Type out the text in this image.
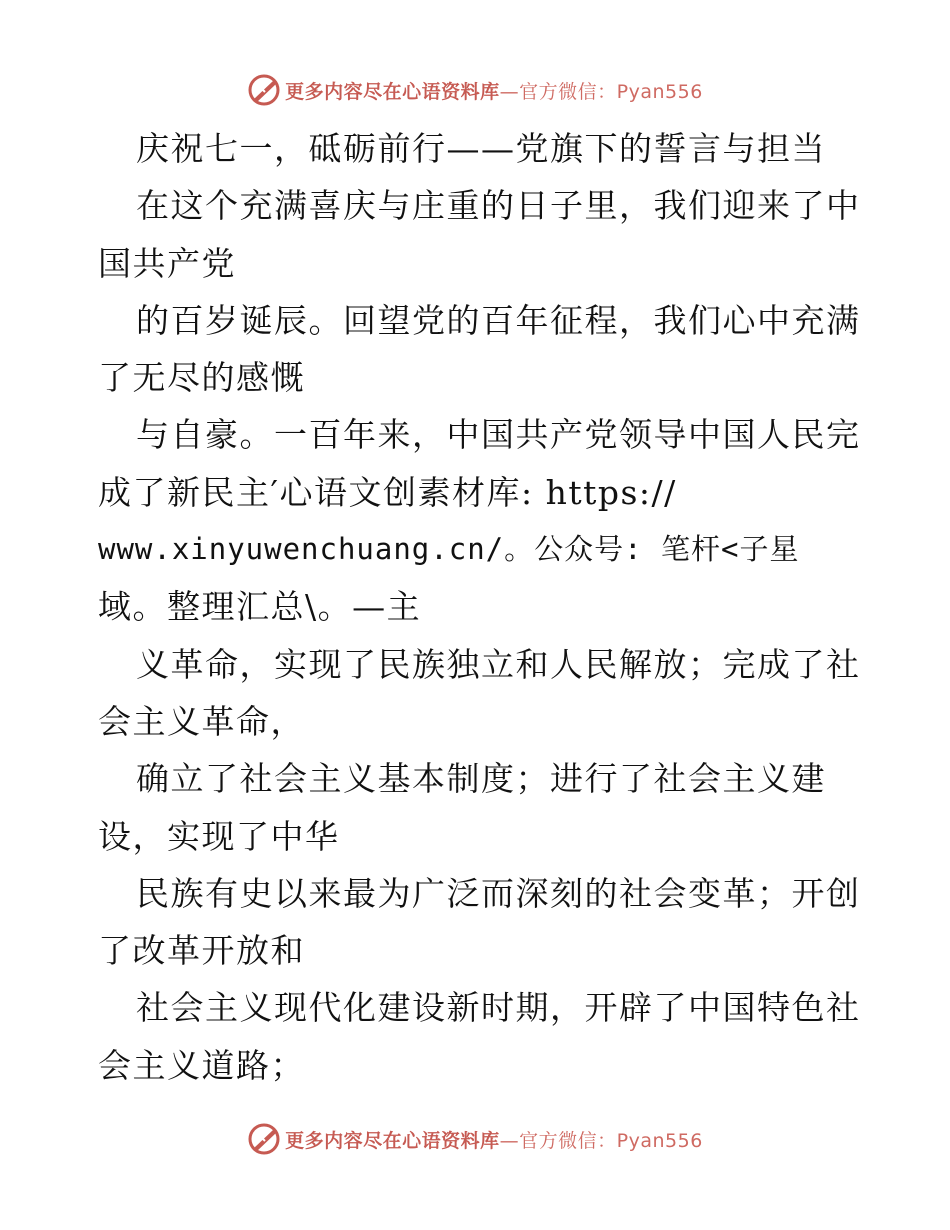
更多内容尽在心语资料库—官方微信：Pyan556
庆祝七一，砥砺前行——党旗下的誓言与担当
在这个充满喜庆与庄重的日子里，我们迎来了中
国共产党
的百岁诞辰。回望党的百年征程，我们心中充满
了无尽的感慨
与自豪。一百年来，中国共产党领导中国人民完
成了新民主′心语文创素材库: https://
www.xinyuwenchuang.cn/。公众号: 笔杆<子星
域。整理汇总\。—主
义革命，实现了民族独立和人民解放；完成了社
会主义革命，
确立了社会主义基本制度；进行了社会主义建
设，实现了中华
民族有史以来最为广泛而深刻的社会变革；开创
了改革开放和
社会主义现代化建设新时期，开辟了中国特色社
会主义道路；
更多内容尽在心语资料库—官方微信：Pyan556
